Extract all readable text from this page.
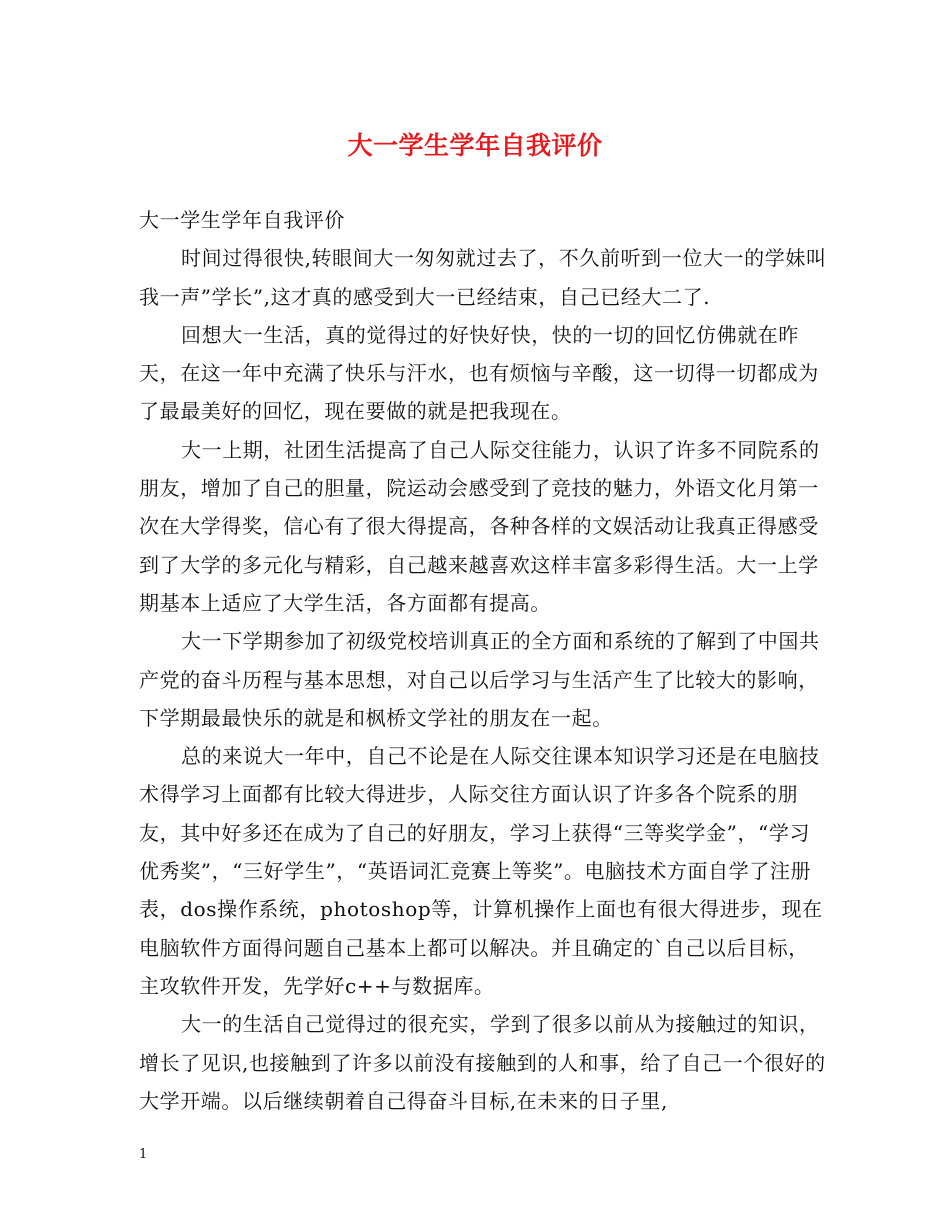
大一学生学年自我评价

大一学生学年自我评价

时间过得很快,转眼间大一匆匆就过去了，不久前听到一位大一的学妹叫我一声”学长”,这才真的感受到大一已经结束，自己已经大二了.

回想大一生活，真的觉得过的好快好快，快的一切的回忆仿佛就在昨天，在这一年中充满了快乐与汗水，也有烦恼与辛酸，这一切得一切都成为了最最美好的回忆，现在要做的就是把我现在。

大一上期，社团生活提高了自己人际交往能力，认识了许多不同院系的朋友，增加了自己的胆量，院运动会感受到了竞技的魅力，外语文化月第一次在大学得奖，信心有了很大得提高，各种各样的文娱活动让我真正得感受到了大学的多元化与精彩，自己越来越喜欢这样丰富多彩得生活。大一上学期基本上适应了大学生活，各方面都有提高。

大一下学期参加了初级党校培训真正的全方面和系统的了解到了中国共产党的奋斗历程与基本思想，对自己以后学习与生活产生了比较大的影响，下学期最最快乐的就是和枫桥文学社的朋友在一起。

总的来说大一年中，自己不论是在人际交往课本知识学习还是在电脑技术得学习上面都有比较大得进步，人际交往方面认识了许多各个院系的朋友，其中好多还在成为了自己的好朋友，学习上获得“三等奖学金”，“学习优秀奖”，“三好学生”，“英语词汇竞赛上等奖”。电脑技术方面自学了注册表，dos操作系统，photoshop等，计算机操作上面也有很大得进步，现在电脑软件方面得问题自己基本上都可以解决。并且确定的`自己以后目标，主攻软件开发，先学好c++与数据库。

大一的生活自己觉得过的很充实，学到了很多以前从为接触过的知识，增长了见识,也接触到了许多以前没有接触到的人和事，给了自己一个很好的大学开端。以后继续朝着自己得奋斗目标,在未来的日子里,

1
